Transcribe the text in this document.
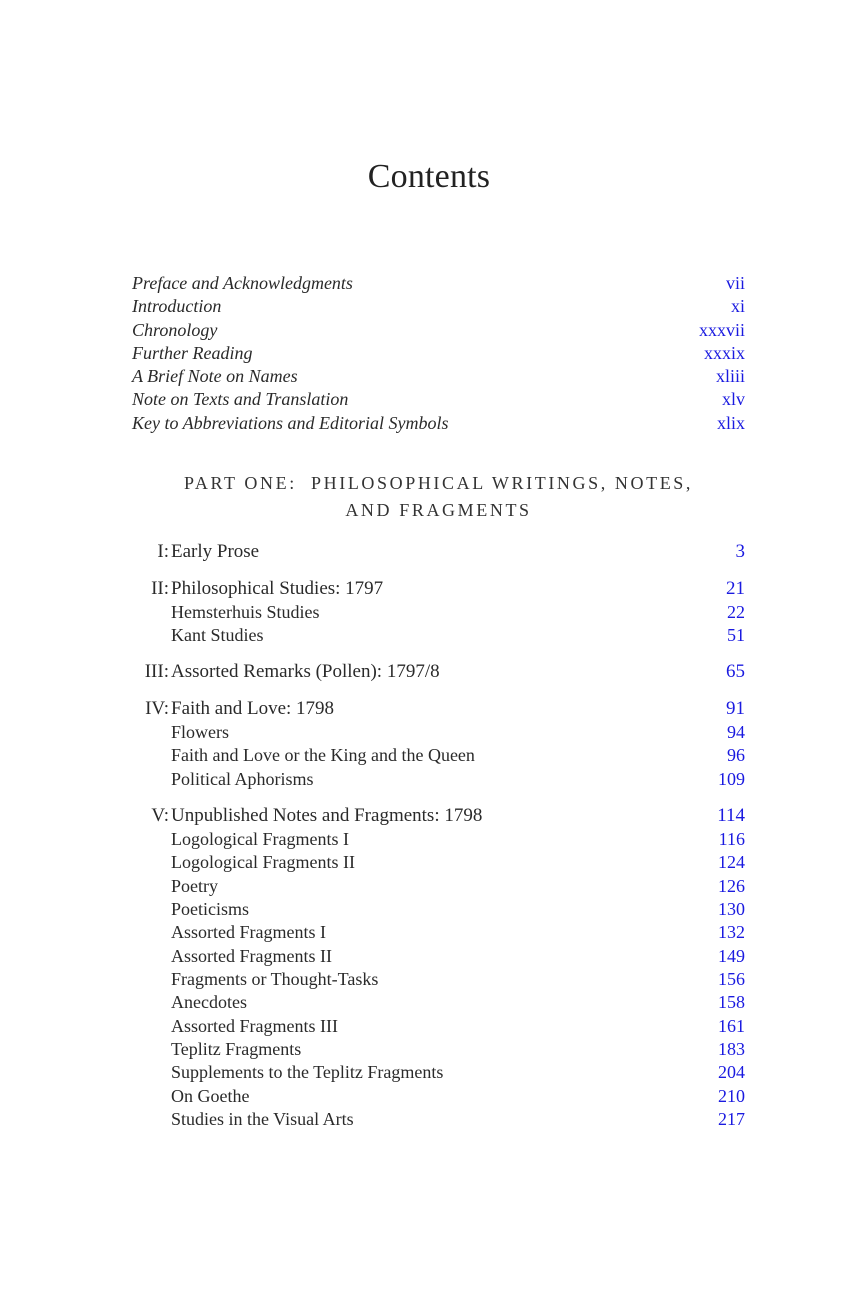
Contents
Preface and Acknowledgments	vii
Introduction	xi
Chronology	xxxvii
Further Reading	xxxix
A Brief Note on Names	xliii
Note on Texts and Translation	xlv
Key to Abbreviations and Editorial Symbols	xlix
PART ONE:  PHILOSOPHICAL WRITINGS, NOTES,
AND FRAGMENTS
I: Early Prose	3
II: Philosophical Studies: 1797	21
Hemsterhuis Studies	22
Kant Studies	51
III: Assorted Remarks (Pollen): 1797/8	65
IV: Faith and Love: 1798	91
Flowers	94
Faith and Love or the King and the Queen	96
Political Aphorisms	109
V: Unpublished Notes and Fragments: 1798	114
Logological Fragments I	116
Logological Fragments II	124
Poetry	126
Poeticisms	130
Assorted Fragments I	132
Assorted Fragments II	149
Fragments or Thought-Tasks	156
Anecdotes	158
Assorted Fragments III	161
Teplitz Fragments	183
Supplements to the Teplitz Fragments	204
On Goethe	210
Studies in the Visual Arts	217
